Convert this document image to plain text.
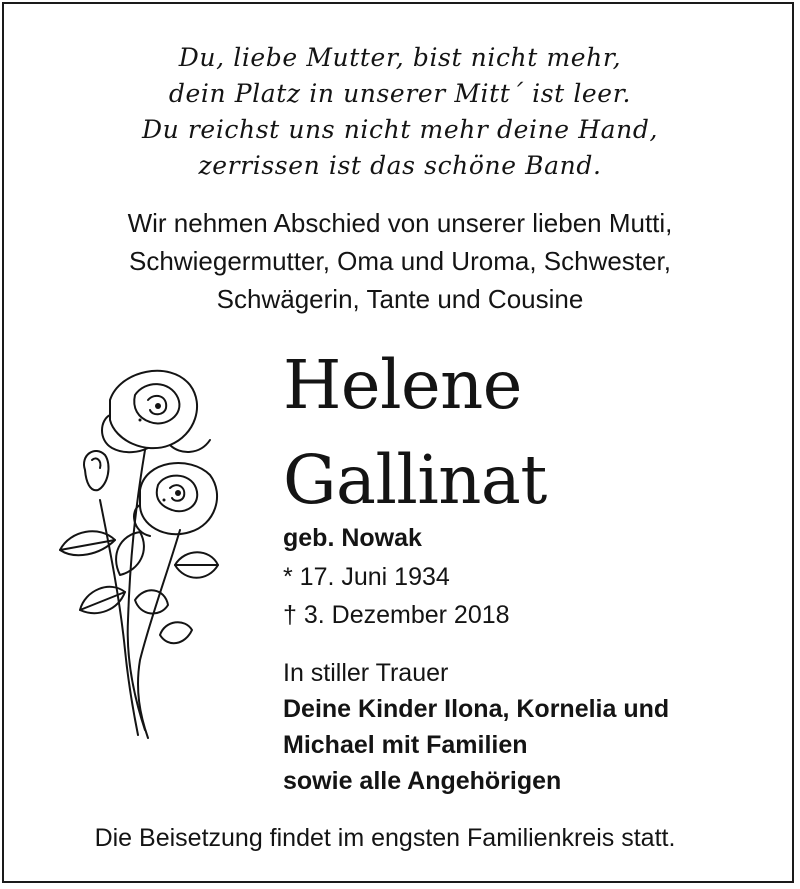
Du, liebe Mutter, bist nicht mehr,
dein Platz in unserer Mitt´ ist leer.
Du reichst uns nicht mehr deine Hand,
zerrissen ist das schöne Band.
Wir nehmen Abschied von unserer lieben Mutti,
Schwiegermutter, Oma und Uroma, Schwester,
Schwägerin, Tante und Cousine
Helene
Gallinat
geb. Nowak
* 17. Juni 1934
† 3. Dezember 2018
In stiller Trauer
Deine Kinder Ilona, Kornelia und
Michael mit Familien
sowie alle Angehörigen
Die Beisetzung findet im engsten Familienkreis statt.
